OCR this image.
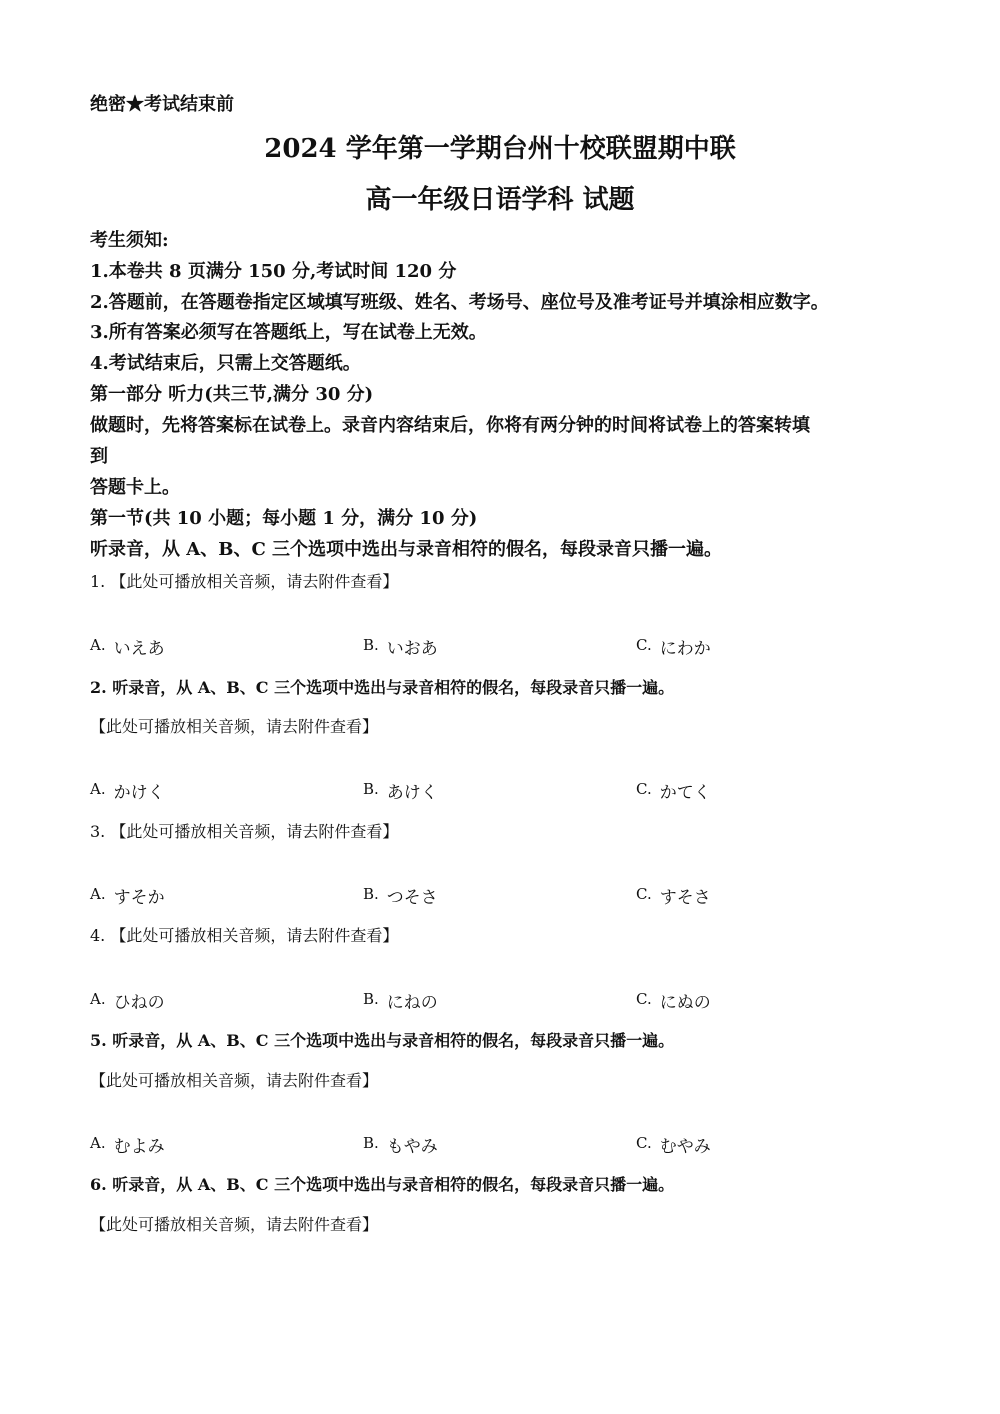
绝密★考试结束前
2024 学年第一学期台州十校联盟期中联
高一年级日语学科 试题
考生须知:
1.本卷共 8 页满分 150 分,考试时间 120 分
2.答题前，在答题卷指定区域填写班级、姓名、考场号、座位号及准考证号并填涂相应数字。
3.所有答案必须写在答题纸上，写在试卷上无效。
4.考试结束后，只需上交答题纸。
第一部分 听力(共三节,满分 30 分)
做题时，先将答案标在试卷上。录音内容结束后，你将有两分钟的时间将试卷上的答案转填
到
答题卡上。
第一节(共 10 小题；每小题 1 分，满分 10 分)
听录音，从 A、B、C 三个选项中选出与录音相符的假名，每段录音只播一遍。
1. 【此处可播放相关音频，请去附件查看】
A. いえあ	B. いおあ	C. にわか
2. 听录音，从 A、B、C 三个选项中选出与录音相符的假名，每段录音只播一遍。
【此处可播放相关音频，请去附件查看】
A. かけく	B. あけく	C. かてく
3. 【此处可播放相关音频，请去附件查看】
A. すそか	B. つそさ	C. すそさ
4. 【此处可播放相关音频，请去附件查看】
A. ひねの	B. にねの	C. にぬの
5. 听录音，从 A、B、C 三个选项中选出与录音相符的假名，每段录音只播一遍。
【此处可播放相关音频，请去附件查看】
A. むよみ	B. もやみ	C. むやみ
6. 听录音，从 A、B、C 三个选项中选出与录音相符的假名，每段录音只播一遍。
【此处可播放相关音频，请去附件查看】
